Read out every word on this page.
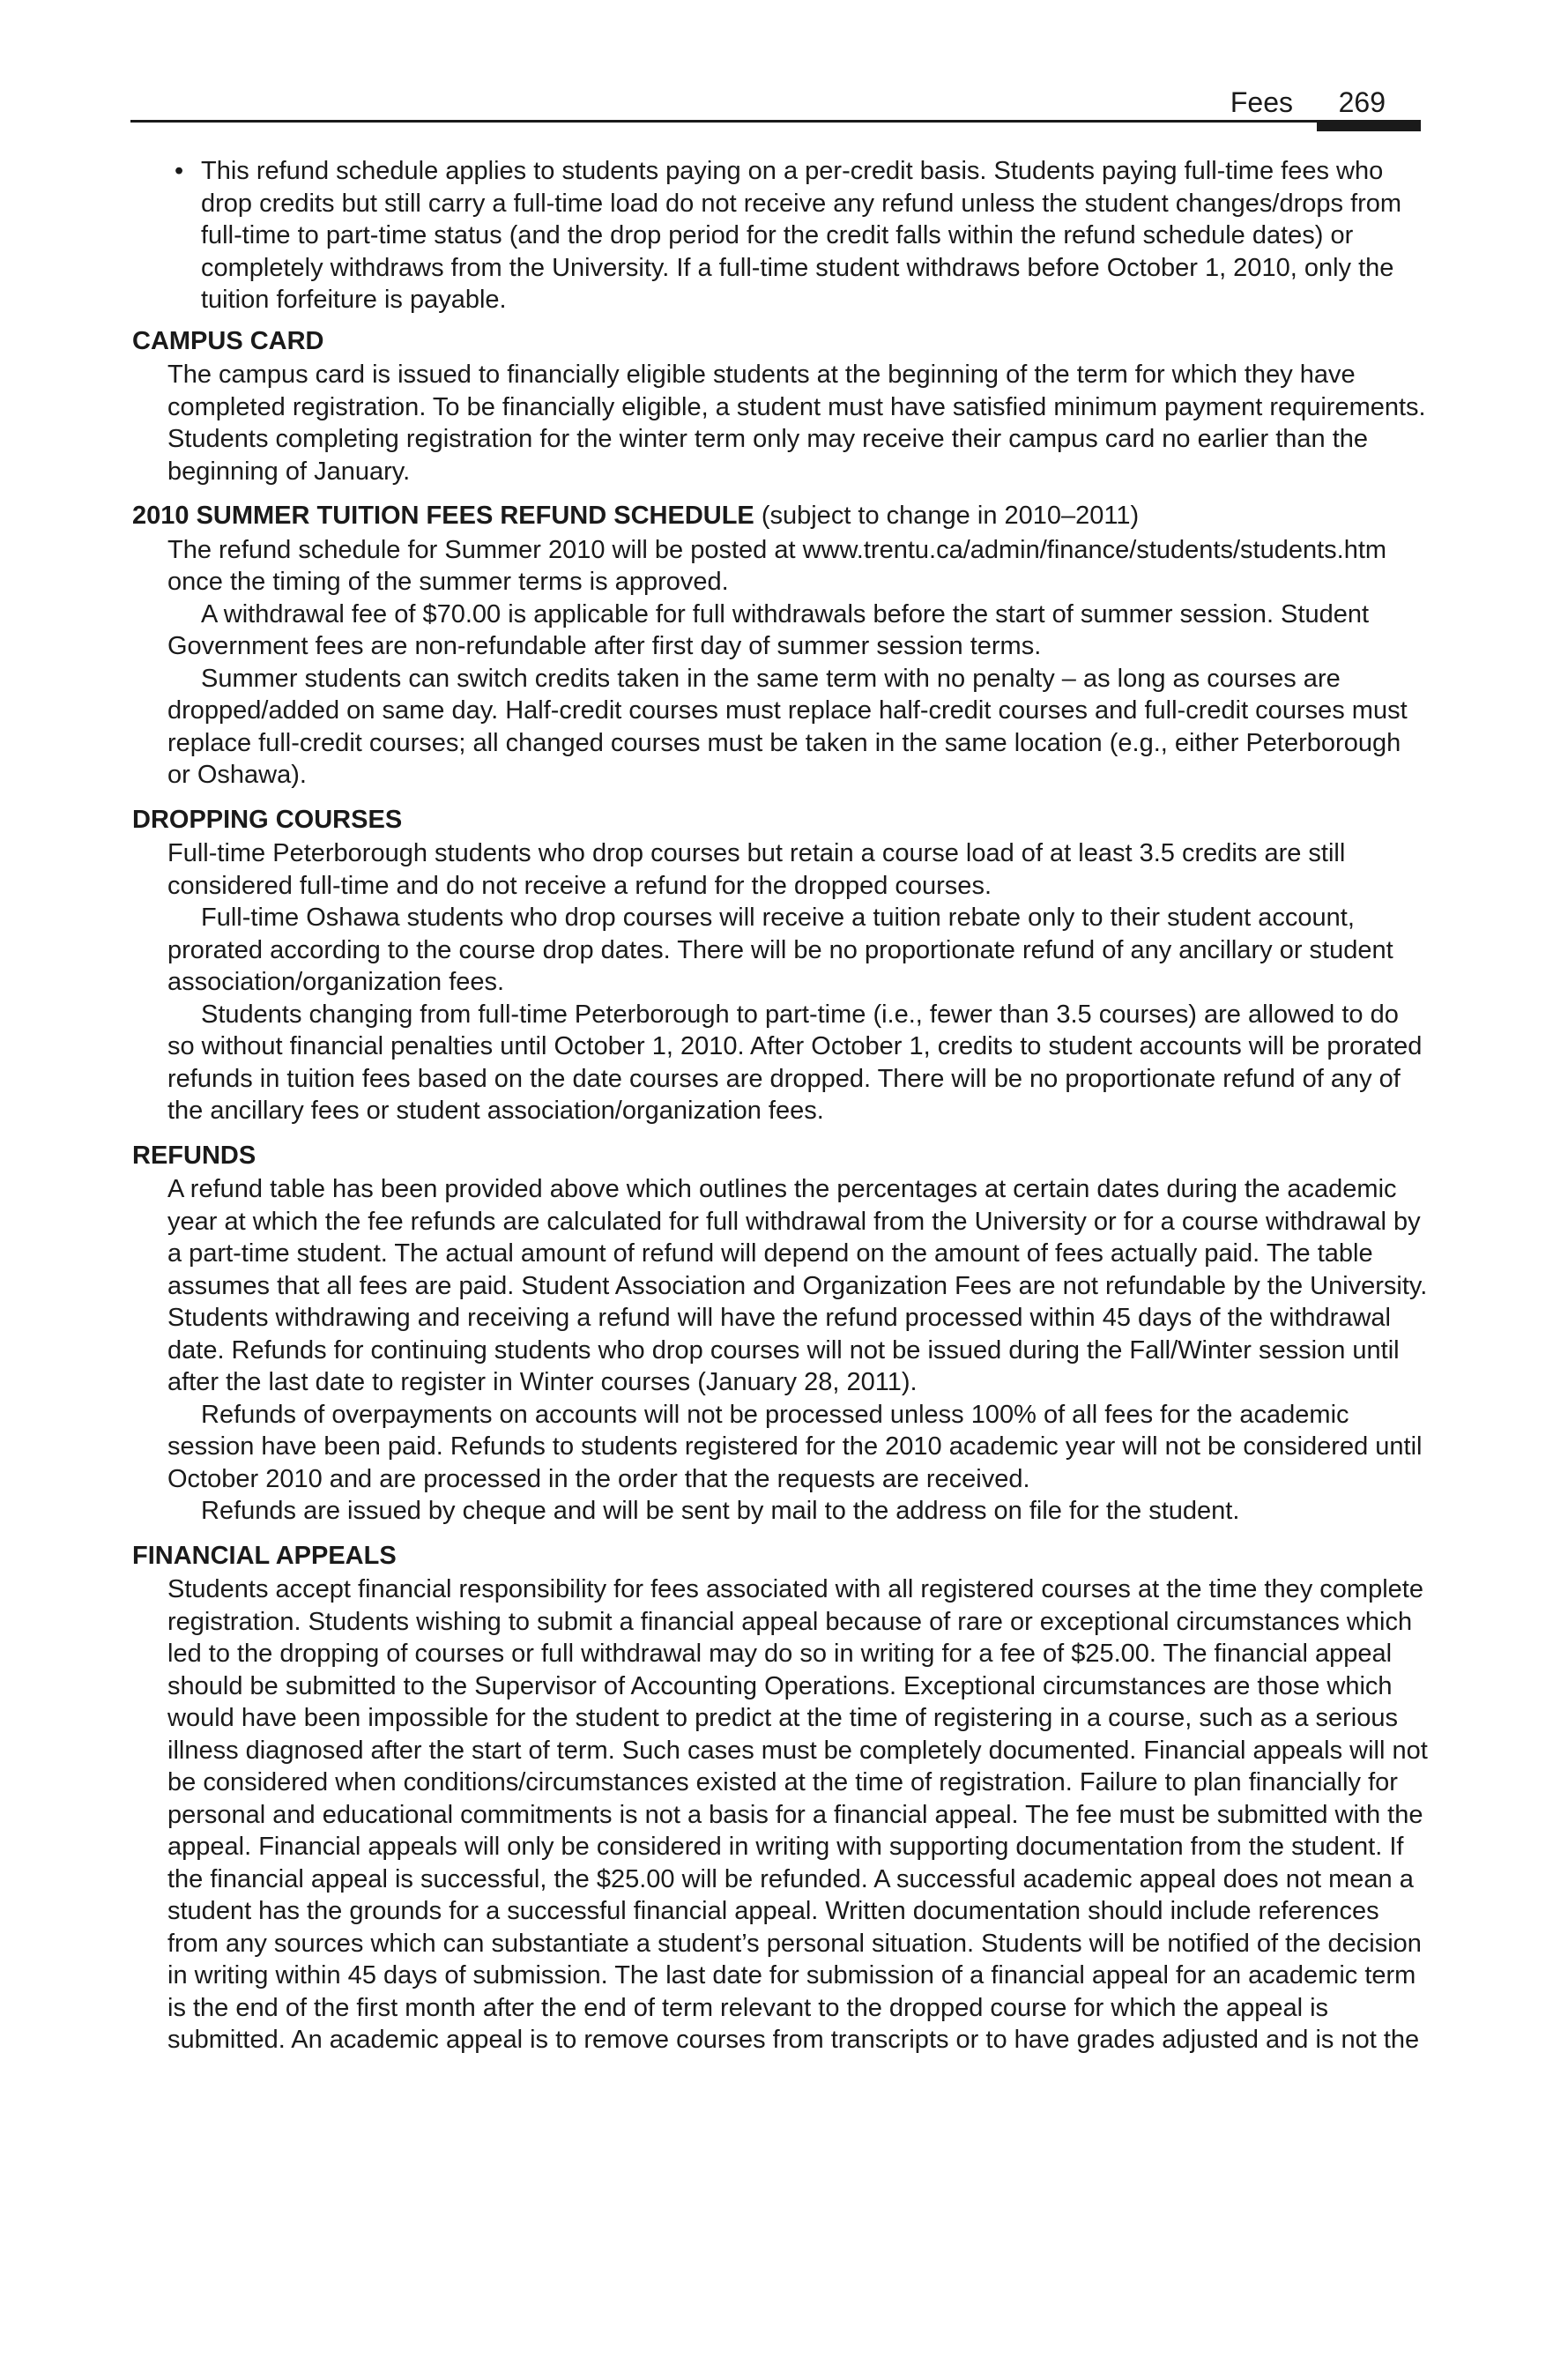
Fees 269
• This refund schedule applies to students paying on a per-credit basis. Students paying full-time fees who drop credits but still carry a full-time load do not receive any refund unless the student changes/drops from full-time to part-time status (and the drop period for the credit falls within the refund schedule dates) or completely withdraws from the University. If a full-time student withdraws before October 1, 2010, only the tuition forfeiture is payable.

CAMPUS CARD

The campus card is issued to financially eligible students at the beginning of the term for which they have completed registration. To be financially eligible, a student must have satisfied minimum payment requirements. Students completing registration for the winter term only may receive their campus card no earlier than the beginning of January.

2010 SUMMER TUITION FEES REFUND SCHEDULE (subject to change in 2010–2011)

The refund schedule for Summer 2010 will be posted at www.trentu.ca/admin/finance/students/students.htm once the timing of the summer terms is approved.

A withdrawal fee of $70.00 is applicable for full withdrawals before the start of summer session. Student Government fees are non-refundable after first day of summer session terms.

Summer students can switch credits taken in the same term with no penalty – as long as courses are dropped/added on same day. Half-credit courses must replace half-credit courses and full-credit courses must replace full-credit courses; all changed courses must be taken in the same location (e.g., either Peterborough or Oshawa).

DROPPING COURSES

Full-time Peterborough students who drop courses but retain a course load of at least 3.5 credits are still considered full-time and do not receive a refund for the dropped courses.

Full-time Oshawa students who drop courses will receive a tuition rebate only to their student account, prorated according to the course drop dates. There will be no proportionate refund of any ancillary or student association/organization fees.

Students changing from full-time Peterborough to part-time (i.e., fewer than 3.5 courses) are allowed to do so without financial penalties until October 1, 2010. After October 1, credits to student accounts will be prorated refunds in tuition fees based on the date courses are dropped. There will be no proportionate refund of any of the ancillary fees or student association/organization fees.

REFUNDS

A refund table has been provided above which outlines the percentages at certain dates during the academic year at which the fee refunds are calculated for full withdrawal from the University or for a course withdrawal by a part-time student. The actual amount of refund will depend on the amount of fees actually paid. The table assumes that all fees are paid. Student Association and Organization Fees are not refundable by the University. Students withdrawing and receiving a refund will have the refund processed within 45 days of the withdrawal date. Refunds for continuing students who drop courses will not be issued during the Fall/Winter session until after the last date to register in Winter courses (January 28, 2011).

Refunds of overpayments on accounts will not be processed unless 100% of all fees for the academic session have been paid. Refunds to students registered for the 2010 academic year will not be considered until October 2010 and are processed in the order that the requests are received.

Refunds are issued by cheque and will be sent by mail to the address on file for the student.

FINANCIAL APPEALS

Students accept financial responsibility for fees associated with all registered courses at the time they complete registration. Students wishing to submit a financial appeal because of rare or exceptional circumstances which led to the dropping of courses or full withdrawal may do so in writing for a fee of $25.00. The financial appeal should be submitted to the Supervisor of Accounting Operations. Exceptional circumstances are those which would have been impossible for the student to predict at the time of registering in a course, such as a serious illness diagnosed after the start of term. Such cases must be completely documented. Financial appeals will not be considered when conditions/circumstances existed at the time of registration. Failure to plan financially for personal and educational commitments is not a basis for a financial appeal. The fee must be submitted with the appeal. Financial appeals will only be considered in writing with supporting documentation from the student. If the financial appeal is successful, the $25.00 will be refunded. A successful academic appeal does not mean a student has the grounds for a successful financial appeal. Written documentation should include references from any sources which can substantiate a student’s personal situation. Students will be notified of the decision in writing within 45 days of submission. The last date for submission of a financial appeal for an academic term is the end of the first month after the end of term relevant to the dropped course for which the appeal is submitted. An academic appeal is to remove courses from transcripts or to have grades adjusted and is not the
